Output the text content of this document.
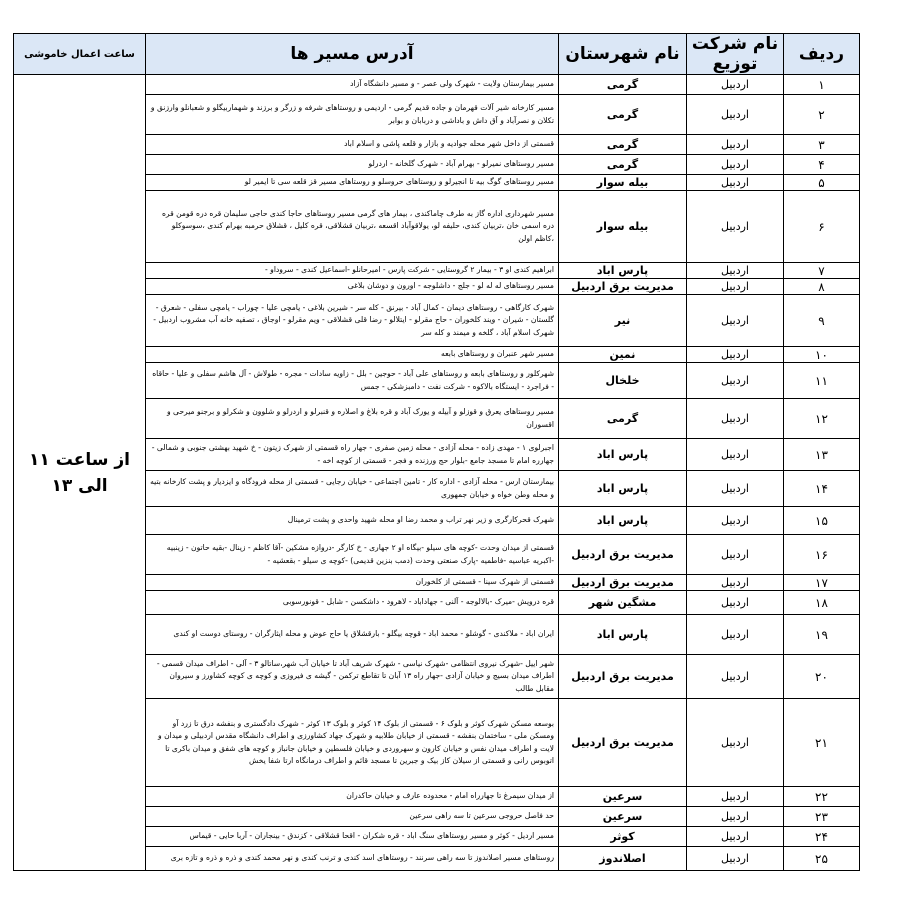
ردیف	نام شرکت توزیع	نام شهرستان	آدرس مسیر ها	ساعت اعمال خاموشی
۱	اردبیل	گرمی	مسیر بیمارستان ولایت - شهرک ولی عصر - و مسیر دانشگاه آزاد	از ساعت ۱۱ الی ۱۳
۲	اردبیل	گرمی	مسیر کارخانه شیر آلات قهرمان و جاده قدیم گرمی - اردیمی و روستاهای شرفه و زرگر و برزند و شهماربیگلو و شعبانلو وارزنق و تکلان و نصرآباد و آق داش و باداشی و دربابان و بوابر	
۳	اردبیل	گرمی	قسمتی از داخل شهر محله جوادیه و بازار و قلعه پاشی و اسلام اباد	
۴	اردبیل	گرمی	مسیر روستاهای نمیرلو - بهرام آباد - شهرک گلخانه - اردرلو	
۵	اردبیل	بیله سوار	مسیر روستاهای گوگ بیه تا انجیرلو و روستاهای حروسلو و روستاهای مسیر قز قلعه سی تا ایمیر لو	
۶	اردبیل	بیله سوار	مسیر شهرداری اداره گاز به طرف چاماکندی ، بیمار های گرمی مسیر روستاهای حاجا کندی حاجی سلیمان قره دره قومن قره دره اسمی خان ،تربیان کندی، حلیفه لو، یولاقوآباد اقسعه ،تربیان قشلاقی، قره کلیل ، قشلاق حرمبه بهرام کندی ،سوسوکلو ،کاظم اولن	
۷	اردبیل	پارس اباد	ابراهیم کندی او ۳ - بیمار ۲ گروستایی - شرکت پارس - امیرحانلو -اسماعیل کندی - سروداو -	
۸	اردبیل	مدیریت برق اردبیل	مسیر روستاهای له له لو - جلج - داشلوجه - اورون و دوشان بلاغی	
۹	اردبیل	نیر	شهرک کارگاهی - روستاهای دیمان - کمال آباد - بیرنق - کله سر - شیرین بلاغی - یامچی علیا - چوراب - یامچی سفلی - شعرق - گلستان - شیران - ویند کلخوران - حاج مقرلو - ایتلالو - رضا قلی قشلاقی - ویم مقرلو - اوجاق ، تصفیه خانه آب مشروب اردبیل - شهرک اسلام آباد ، گلخه و میمند و کله سر	
۱۰	اردبیل	نمین	مسیر شهر عنبران و روستاهای بابعه	
۱۱	اردبیل	خلخال	شهرکلور و روستاهای بابعه و روستاهای علی آباد - حوجین - بلل - زاویه سادات - مجره - طولاش - آل هاشم سفلی و علیا - حاقاه - فراجرد - ایستگاه بالاکوه - شرکت نفت - دامبزشکی - جمس	
۱۲	اردبیل	گرمی	مسیر روستاهای یعرق و قوزلو و آبیله و یورک آباد و قره بلاغ و اصلاره و قنبرلو و اردرلو و شلوون و شکرلو و برجنو میرحی و اقسوران	
۱۳	اردبیل	پارس اباد	اجبرلوی ۱ - مهدی زاده - محله آزادی - محله زمین صفری - جهار راه قسمتی از شهرک زیتون - خ شهید بهشتی جنوبی و شمالی - جهارره امام تا مسجد جامع -بلوار حج ورزنده و فجر - قسمتی از کوچه اخه -	
۱۴	اردبیل	پارس اباد	بیمارستان ارس - محله آزادی - اداره کار - تامین اجتماعی - خیابان رجایی - قسمتی از محله فرودگاه و ایزدیار و پشت کارخانه بتیه و محله وطن خواه و خیابان جمهوری	
۱۵	اردبیل	پارس اباد	شهرک قحرکارگری و زیر نهر تراب و محمد رضا او محله شهید واحدی و پشت ترمینال	
۱۶	اردبیل	مدیریت برق اردبیل	قسمتی از میدان وحدت -کوچه های سیلو -بیگاه او ۲ جهاری - خ کارگر -دروازه مشکین -آقا کاظم - زینال -بقیه حاتون - زینبیه -اکبریه عباسیه -فاطمیه -پارک صنعتی وحدت (دمب بنزین قدیمی) -کوچه ی سیلو - بقعشیه -	
۱۷	اردبیل	مدیریت برق اردبیل	قسمتی از شهرک سینا - قسمتی از کلخوران	
۱۸	اردبیل	مشگین شهر	قره درویش -میرک -بالالوجه - آلنی - جهاداباد - لاهرود - داشکسن - شابل - قونورسوبی	
۱۹	اردبیل	پارس اباد	ایران اباد - ملاکندی - گوشلو - محمد اباد - قوچه بیگلو - بارقشلاق یا حاج عوض و محله ایثارگران - روستای دوست او کندی	
۲۰	اردبیل	مدیریت برق اردبیل	شهر اییل -شهرک نیروی انتظامی -شهرک نیاسی - شهرک شریف آباد تا خیابان آب شهر،ساتالو ۳ - آلی - اطراف میدان قسمی - اطراف میدان بسیج و خیابان آزادی -جهار راه ۱۳ آبان تا تقاطع ترکمن - گیشه ی فیروزی و کوچه ی کوچه کشاورز و سیروان مقابل طالب	
۲۱	اردبیل	مدیریت برق اردبیل	بوسعه مسکن شهرک کوثر و بلوک ۶ - قسمتی از بلوک ۱۴ کوثر و بلوک ۱۳ کوثر - شهرک دادگستری و بنفشه درق تا زرد آو ومسکن ملی - ساختمان بنفشه - قسمتی از خیابان طلابیه و شهرک جهاد کشاورزی و اطراف دانشگاه مقدس اردبیلی و میدان و لایت و اطراف میدان نفس و خیابان کارون و سهروردی و خیابان فلسطین و خیابان جانباز و کوچه های شفق و میدان باکری تا اتوبوس رانی و قسمتی از سیلان کاز بیک و جبرین تا مسجد قائم و اطراف درمانگاه ارتا شفا یخش	
۲۲	اردبیل	سرعین	از میدان سیمرغ تا جهارراه امام - محدوده عارف و خیابان حاکدران	
۲۳	اردبیل	سرعین	حد فاصل حروجی سرعین تا سه راهی سرعین	
۲۴	اردبیل	کوثر	مسیر اردیل - کوثر و مسیر روستاهای سنگ اباد - قره شکران - اقحا قشلاقی - کزندق - بینجاران - آربا حایی - قیماس	
۲۵	اردبیل	اصلاندوز	روستاهای مسیر اصلاندوز تا سه راهی سرنند - روستاهای اسد کندی و ترنب کندی و نهر محمد کندی و ذره و ذره و تازه بری	
